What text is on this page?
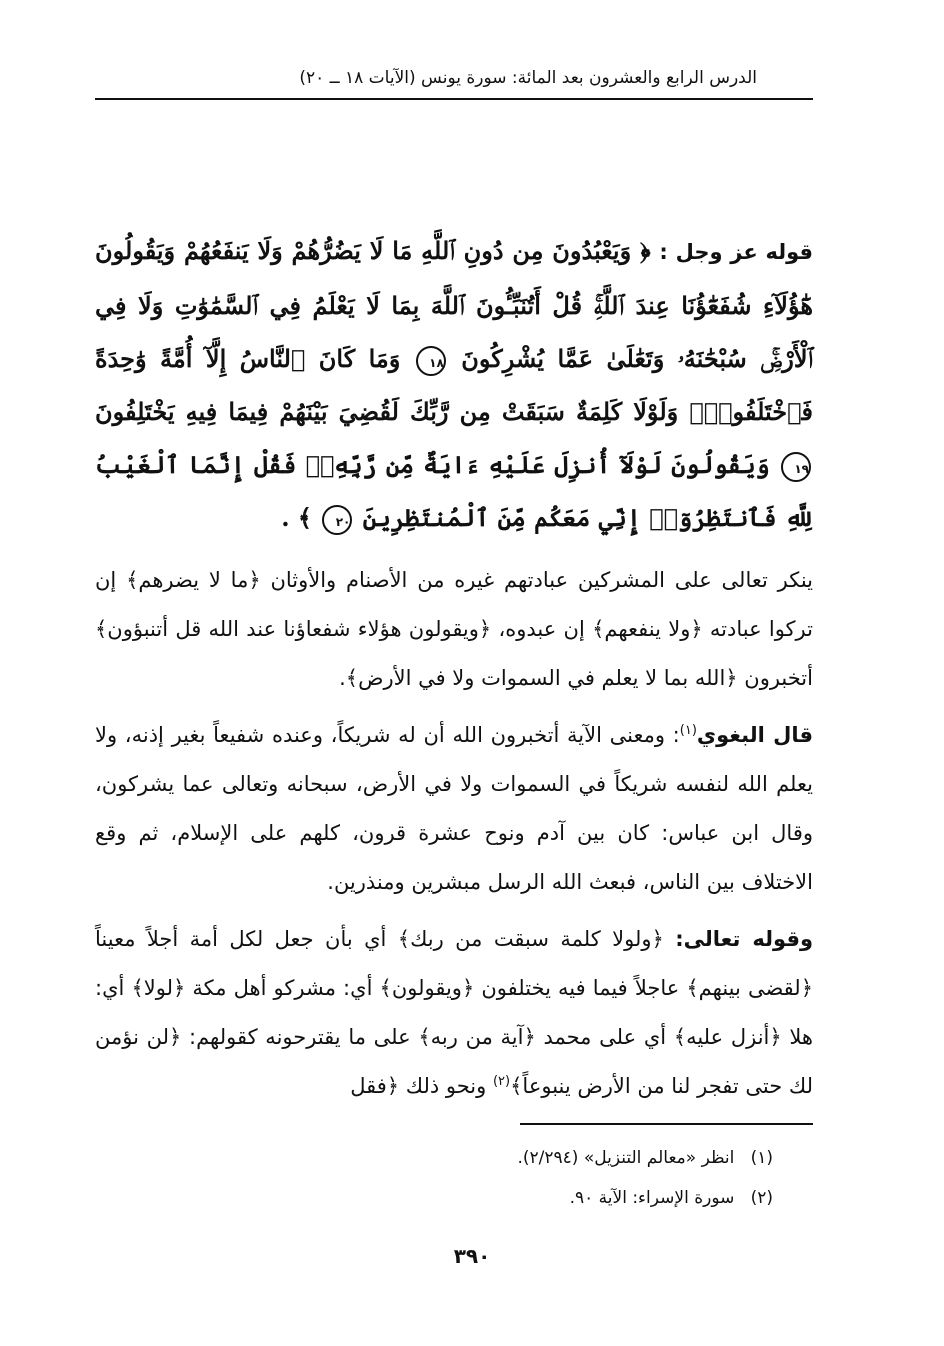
الدرس الرابع والعشرون بعد المائة: سورة يونس (الآيات ١٨ ــ ٢٠)

قوله عز وجل : ﴿ وَيَعْبُدُونَ مِن دُونِ ٱللَّهِ مَا لَا يَضُرُّهُمْ وَلَا يَنفَعُهُمْ وَيَقُولُونَ هَٰٓؤُلَآءِ شُفَعَٰٓؤُنَا عِندَ ٱللَّهِۚ قُلْ أَتُنَبِّـُٔونَ ٱللَّهَ بِمَا لَا يَعْلَمُ فِي ٱلسَّمَٰوَٰتِ وَلَا فِي ٱلْأَرْضِۚ سُبْحَٰنَهُۥ وَتَعَٰلَىٰ عَمَّا يُشْرِكُونَ ١٨ وَمَا كَانَ ٱلنَّاسُ إِلَّآ أُمَّةً وَٰحِدَةً فَٱخْتَلَفُوا۟ۚ وَلَوْلَا كَلِمَةٌ سَبَقَتْ مِن رَّبِّكَ لَقُضِيَ بَيْنَهُمْ فِيمَا فِيهِ يَخْتَلِفُونَ ١٩ وَيَقُولُونَ لَوْلَآ أُنزِلَ عَلَيْهِ ءَايَةٌ مِّن رَّبِّهِۦۖ فَقُلْ إِنَّمَا ٱلْغَيْبُ لِلَّهِ فَٱنتَظِرُوٓا۟ إِنِّي مَعَكُم مِّنَ ٱلْمُنتَظِرِينَ ٢٠ ﴾ .

ينكر تعالى على المشركين عبادتهم غيره من الأصنام والأوثان ﴿ما لا يضرهم﴾ إن تركوا عبادته ﴿ولا ينفعهم﴾ إن عبدوه، ﴿ويقولون هؤلاء شفعاؤنا عند الله قل أتنبؤون﴾ أتخبرون ﴿الله بما لا يعلم في السموات ولا في الأرض﴾.

قال البغوي$^{(١)}$: ومعنى الآية أتخبرون الله أن له شريكاً، وعنده شفيعاً بغير إذنه، ولا يعلم الله لنفسه شريكاً في السموات ولا في الأرض، سبحانه وتعالى عما يشركون، وقال ابن عباس: كان بين آدم ونوح عشرة قرون، كلهم على الإسلام، ثم وقع الاختلاف بين الناس، فبعث الله الرسل مبشرين ومنذرين.

وقوله تعالى: ﴿ولولا كلمة سبقت من ربك﴾ أي بأن جعل لكل أمة أجلاً معيناً ﴿لقضى بينهم﴾ عاجلاً فيما فيه يختلفون ﴿ويقولون﴾ أي: مشركو أهل مكة ﴿لولا﴾ أي: هلا ﴿أنزل عليه﴾ أي على محمد ﴿آية من ربه﴾ على ما يقترحونه كقولهم: ﴿لن نؤمن لك حتى تفجر لنا من الأرض ينبوعاً﴾$^{(٢)}$ ونحو ذلك ﴿فقل

(١)   انظر «معالم التنزيل» (٢/٢٩٤).

(٢)   سورة الإسراء: الآية ٩٠.

٣٩٠
